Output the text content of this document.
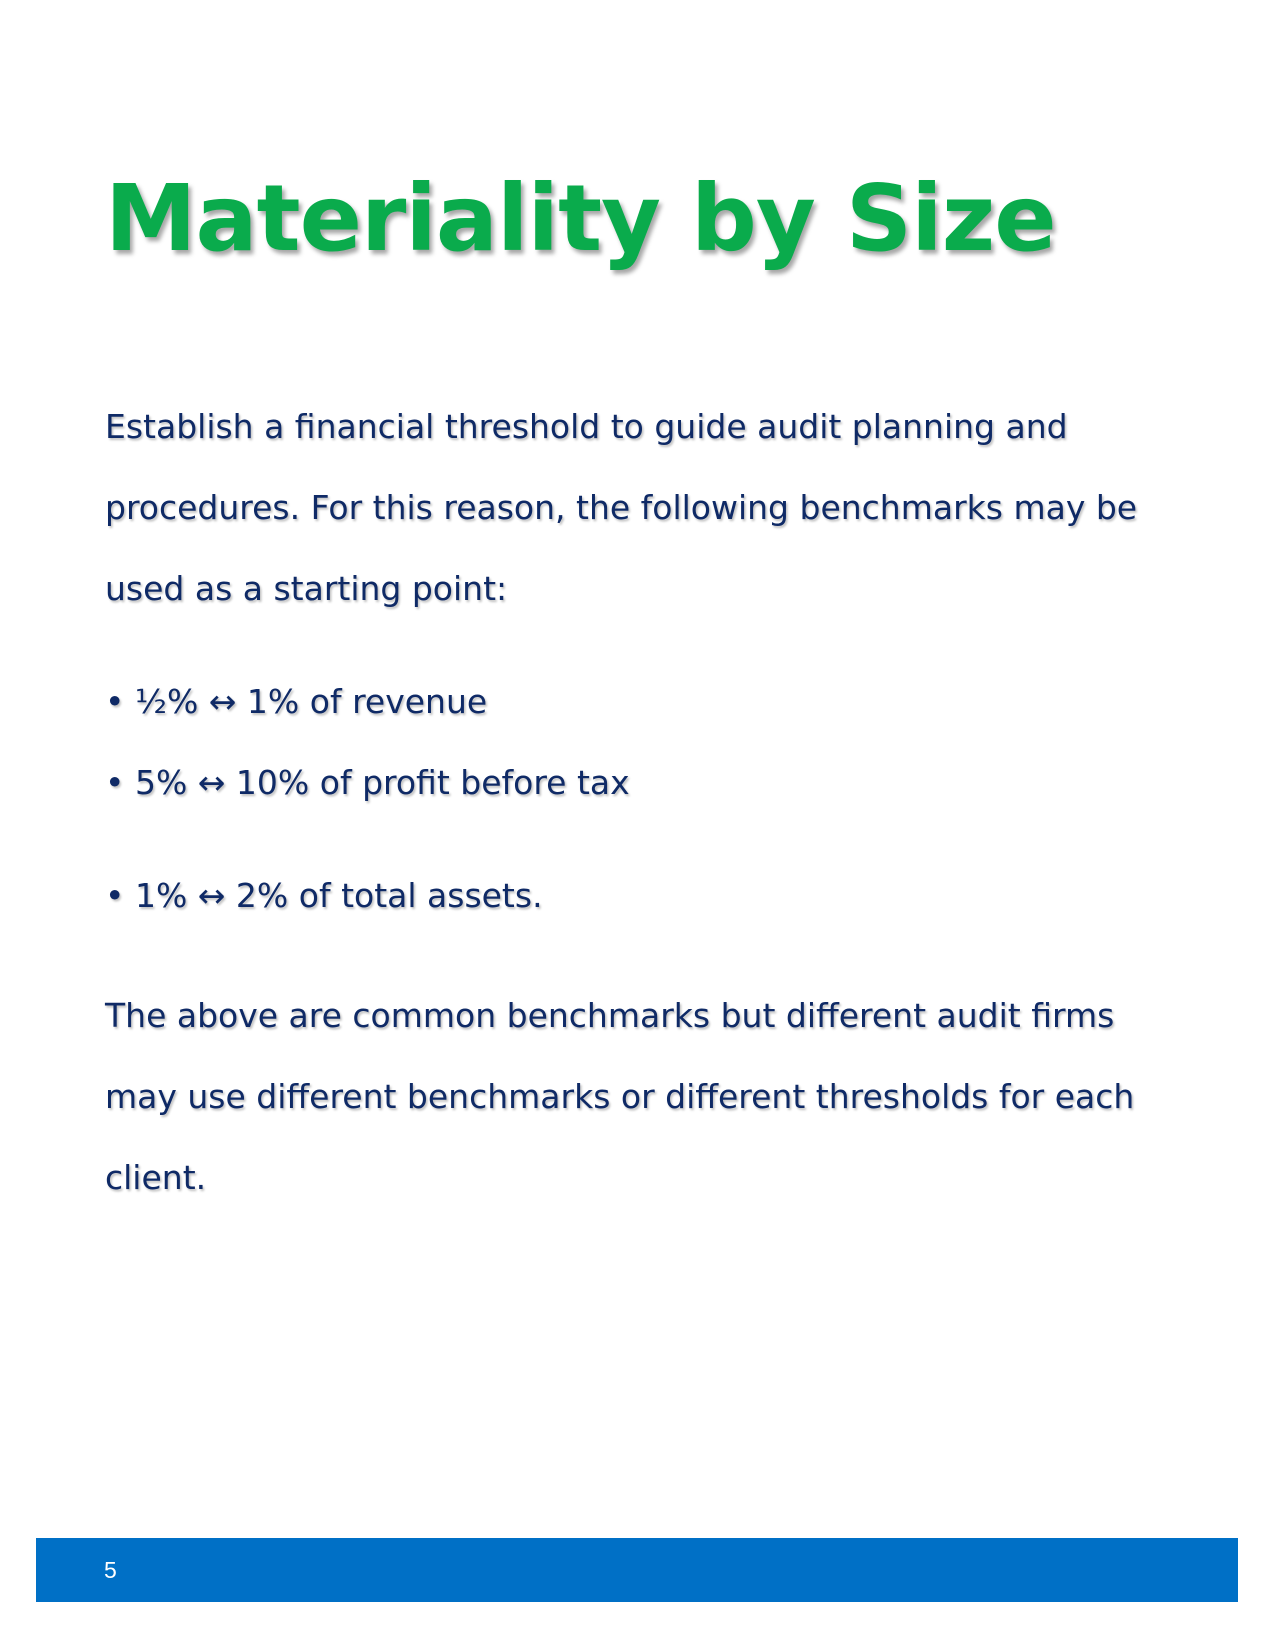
Materiality by Size

Establish a financial threshold to guide audit planning and procedures. For this reason, the following benchmarks may be used as a starting point:

• ½% ↔ 1% of revenue

• 5% ↔ 10% of profit before tax

• 1% ↔ 2% of total assets.

The above are common benchmarks but different audit firms may use different benchmarks or different thresholds for each client.

5
